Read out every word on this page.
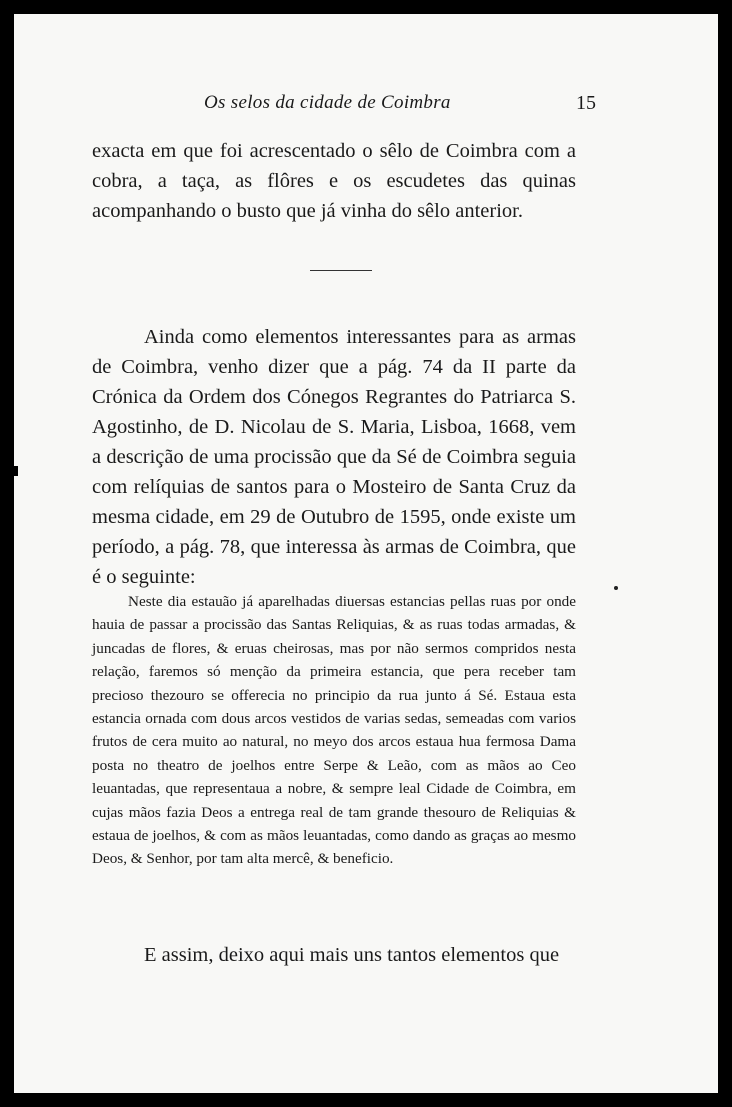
Os selos da cidade de Coimbra	15

exacta em que foi acrescentado o sêlo de Coimbra com a cobra, a taça, as flôres e os escudetes das quinas acompanhando o busto que já vinha do sêlo anterior.

Ainda como elementos interessantes para as armas de Coimbra, venho dizer que a pág. 74 da II parte da Crónica da Ordem dos Cónegos Regrantes do Patriarca S. Agostinho, de D. Nicolau de S. Maria, Lisboa, 1668, vem a descrição de uma procissão que da Sé de Coimbra seguia com relíquias de santos para o Mosteiro de Santa Cruz da mesma cidade, em 29 de Outubro de 1595, onde existe um período, a pág. 78, que interessa às armas de Coimbra, que é o seguinte:

Neste dia estauão já aparelhadas diuersas estancias pellas ruas por onde hauia de passar a procissão das Santas Reliquias, & as ruas todas armadas, & juncadas de flores, & eruas cheirosas, mas por não sermos compridos nesta relação, faremos só menção da primeira estancia, que pera receber tam precioso thezouro se offerecia no principio da rua junto á Sé. Estaua esta estancia ornada com dous arcos vestidos de varias sedas, semeadas com varios frutos de cera muito ao natural, no meyo dos arcos estaua hua fermosa Dama posta no theatro de joelhos entre Serpe & Leão, com as mãos ao Ceo leuantadas, que representaua a nobre, & sempre leal Cidade de Coimbra, em cujas mãos fazia Deos a entrega real de tam grande thesouro de Reliquias & estaua de joelhos, & com as mãos leuantadas, como dando as graças ao mesmo Deos, & Senhor, por tam alta mercê, & beneficio.

E assim, deixo aqui mais uns tantos elementos que
